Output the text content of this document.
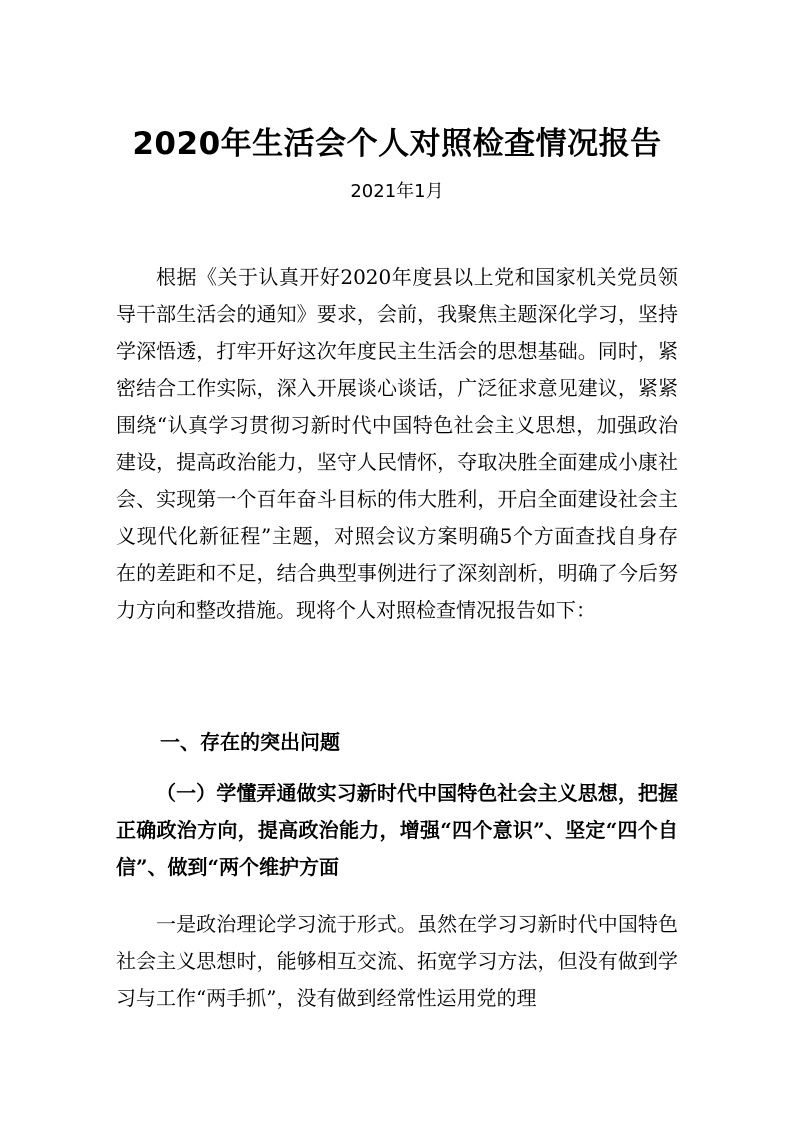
2020年生活会个人对照检查情况报告
2021年1月

根据《关于认真开好2020年度县以上党和国家机关党员领导干部生活会的通知》要求，会前，我聚焦主题深化学习，坚持学深悟透，打牢开好这次年度民主生活会的思想基础。同时，紧密结合工作实际，深入开展谈心谈话，广泛征求意见建议，紧紧围绕“认真学习贯彻习新时代中国特色社会主义思想，加强政治建设，提高政治能力，坚守人民情怀，夺取决胜全面建成小康社会、实现第一个百年奋斗目标的伟大胜利，开启全面建设社会主义现代化新征程”主题，对照会议方案明确5个方面查找自身存在的差距和不足，结合典型事例进行了深刻剖析，明确了今后努力方向和整改措施。现将个人对照检查情况报告如下：

一、存在的突出问题

（一）学懂弄通做实习新时代中国特色社会主义思想，把握正确政治方向，提高政治能力，增强“四个意识”、坚定“四个自信”、做到“两个维护方面

一是政治理论学习流于形式。虽然在学习习新时代中国特色社会主义思想时，能够相互交流、拓宽学习方法，但没有做到学习与工作“两手抓”，没有做到经常性运用党的理
